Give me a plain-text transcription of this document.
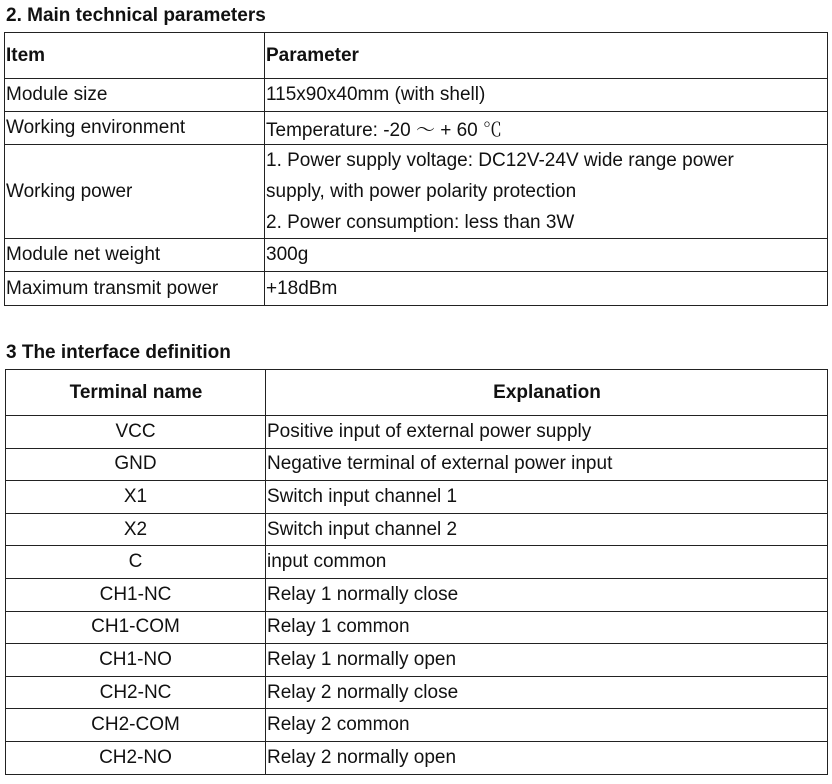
2. Main technical parameters
Item	Parameter
Module size	115x90x40mm (with shell)
Working environment	Temperature: -20 ～ + 60 ℃
Working power	1. Power supply voltage: DC12V-24V wide range power
supply, with power polarity protection
2. Power consumption: less than 3W

Module net weight	300g
Maximum transmit power	+18dBm
3 The interface definition
Terminal name	Explanation
VCC	Positive input of external power supply
GND	Negative terminal of external power input
X1	Switch input channel 1
X2	Switch input channel 2
C	input common
CH1-NC	Relay 1 normally close
CH1-COM	Relay 1 common
CH1-NO	Relay 1 normally open
CH2-NC	Relay 2 normally close
CH2-COM	Relay 2 common
CH2-NO	Relay 2 normally open
